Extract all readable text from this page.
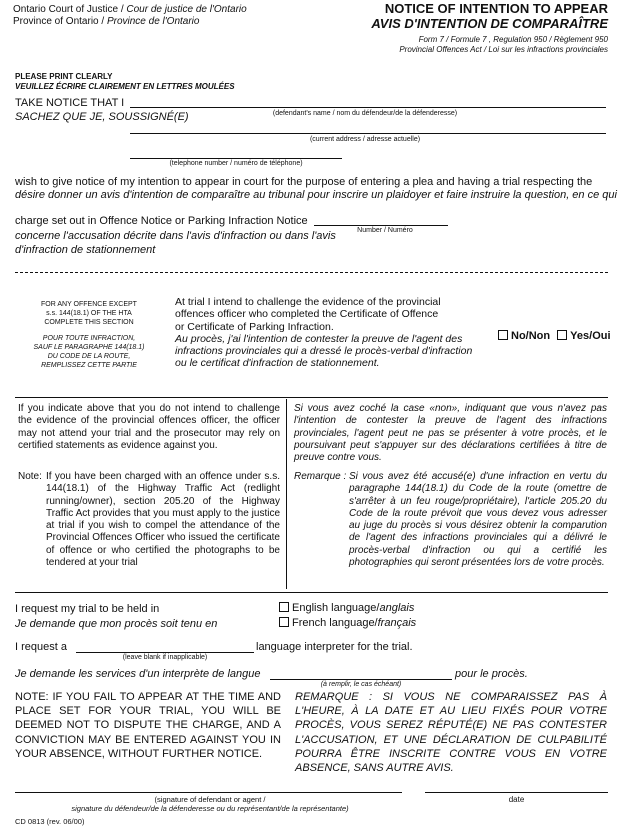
Ontario Court of Justice / Cour de justice de l'Ontario
Province of Ontario / Province de l'Ontario
NOTICE OF INTENTION TO APPEAR
AVIS D'INTENTION DE COMPARAÎTRE
Form 7 / Formule 7 , Regulation 950 / Règlement 950
Provincial Offences Act / Loi sur les infractions provinciales
PLEASE PRINT CLEARLY
VEUILLEZ ÉCRIRE CLAIREMENT EN LETTRES MOULÉES
TAKE NOTICE THAT I
SACHEZ QUE JE, SOUSSIGNÉ(E)	(defendant's name / nom du défendeur/de la défenderesse)
(current address / adresse actuelle)
(telephone number / numéro de téléphone)
wish to give notice of my intention to appear in court for the purpose of entering a plea and having a trial respecting the
désire donner un avis d'intention de comparaître au tribunal pour inscrire un plaidoyer et faire instruire la question, en ce qui
charge set out in Offence Notice or Parking Infraction Notice
concerne l'accusation décrite dans l'avis d'infraction ou dans l'avis
d'infraction de stationnement
Number / Numéro
FOR ANY OFFENCE EXCEPT
s.s. 144(18.1) OF THE HTA
COMPLETE THIS SECTION
POUR TOUTE INFRACTION,
SAUF LE PARAGRAPHE 144(18.1)
DU CODE DE LA ROUTE,
REMPLISSEZ CETTE PARTIE
At trial I intend to challenge the evidence of the provincial
offences officer who completed the Certificate of Offence
or Certificate of Parking Infraction.
Au procès, j'ai l'intention de contester la preuve de l'agent des
infractions provinciales qui a dressé le procès-verbal d'infraction
ou le certificat d'infraction de stationnement.
No/Non Yes/Oui
If you indicate above that you do not intend to challenge the evidence of the provincial offences officer, the officer may not attend your trial and the prosecutor may rely on certified statements as evidence against you.
Note: If you have been charged with an offence under s.s. 144(18.1) of the Highway Traffic Act (redlight running/owner), section 205.20 of the Highway Traffic Act provides that you must apply to the justice at trial if you wish to compel the attendance of the Provincial Offences Officer who issued the certificate of offence or who certified the photographs to be tendered at your trial
Si vous avez coché la case «non», indiquant que vous n'avez pas l'intention de contester la preuve de l'agent des infractions provinciales, l'agent peut ne pas se présenter à votre procès, et le poursuivant peut s'appuyer sur des déclarations certifiées à titre de preuve contre vous.
Remarque : Si vous avez été accusé(e) d'une infraction en vertu du paragraphe 144(18.1) du Code de la route (omettre de s'arrêter à un feu rouge/propriétaire), l'article 205.20 du Code de la route prévoit que vous devez vous adresser au juge du procès si vous désirez obtenir la comparution de l'agent des infractions provinciales qui a délivré le procès-verbal d'infraction ou qui a certifié les photographies qui seront présentées lors de votre procès.
I request my trial to be held in
Je demande que mon procès soit tenu en
English language/anglais
French language/français
I request a	language interpreter for the trial.
(leave blank if inapplicable)
Je demande les services d'un interprète de langue	pour le procès.
(à remplir, le cas échéant)
NOTE: IF YOU FAIL TO APPEAR AT THE TIME AND PLACE SET FOR YOUR TRIAL, YOU WILL BE DEEMED NOT TO DISPUTE THE CHARGE, AND A CONVICTION MAY BE ENTERED AGAINST YOU IN YOUR ABSENCE, WITHOUT FURTHER NOTICE.
REMARQUE : SI VOUS NE COMPARAISSEZ PAS À L'HEURE, À LA DATE ET AU LIEU FIXÉS POUR VOTRE PROCÈS, VOUS SEREZ RÉPUTÉ(E) NE PAS CONTESTER L'ACCUSATION, ET UNE DÉCLARATION DE CULPABILITÉ POURRA ÊTRE INSCRITE CONTRE VOUS EN VOTRE ABSENCE, SANS AUTRE AVIS.
(signature of defendant or agent /
signature du défendeur/de la défenderesse ou du représentant/de la représentante)
date
CD 0813 (rev. 06/00)
